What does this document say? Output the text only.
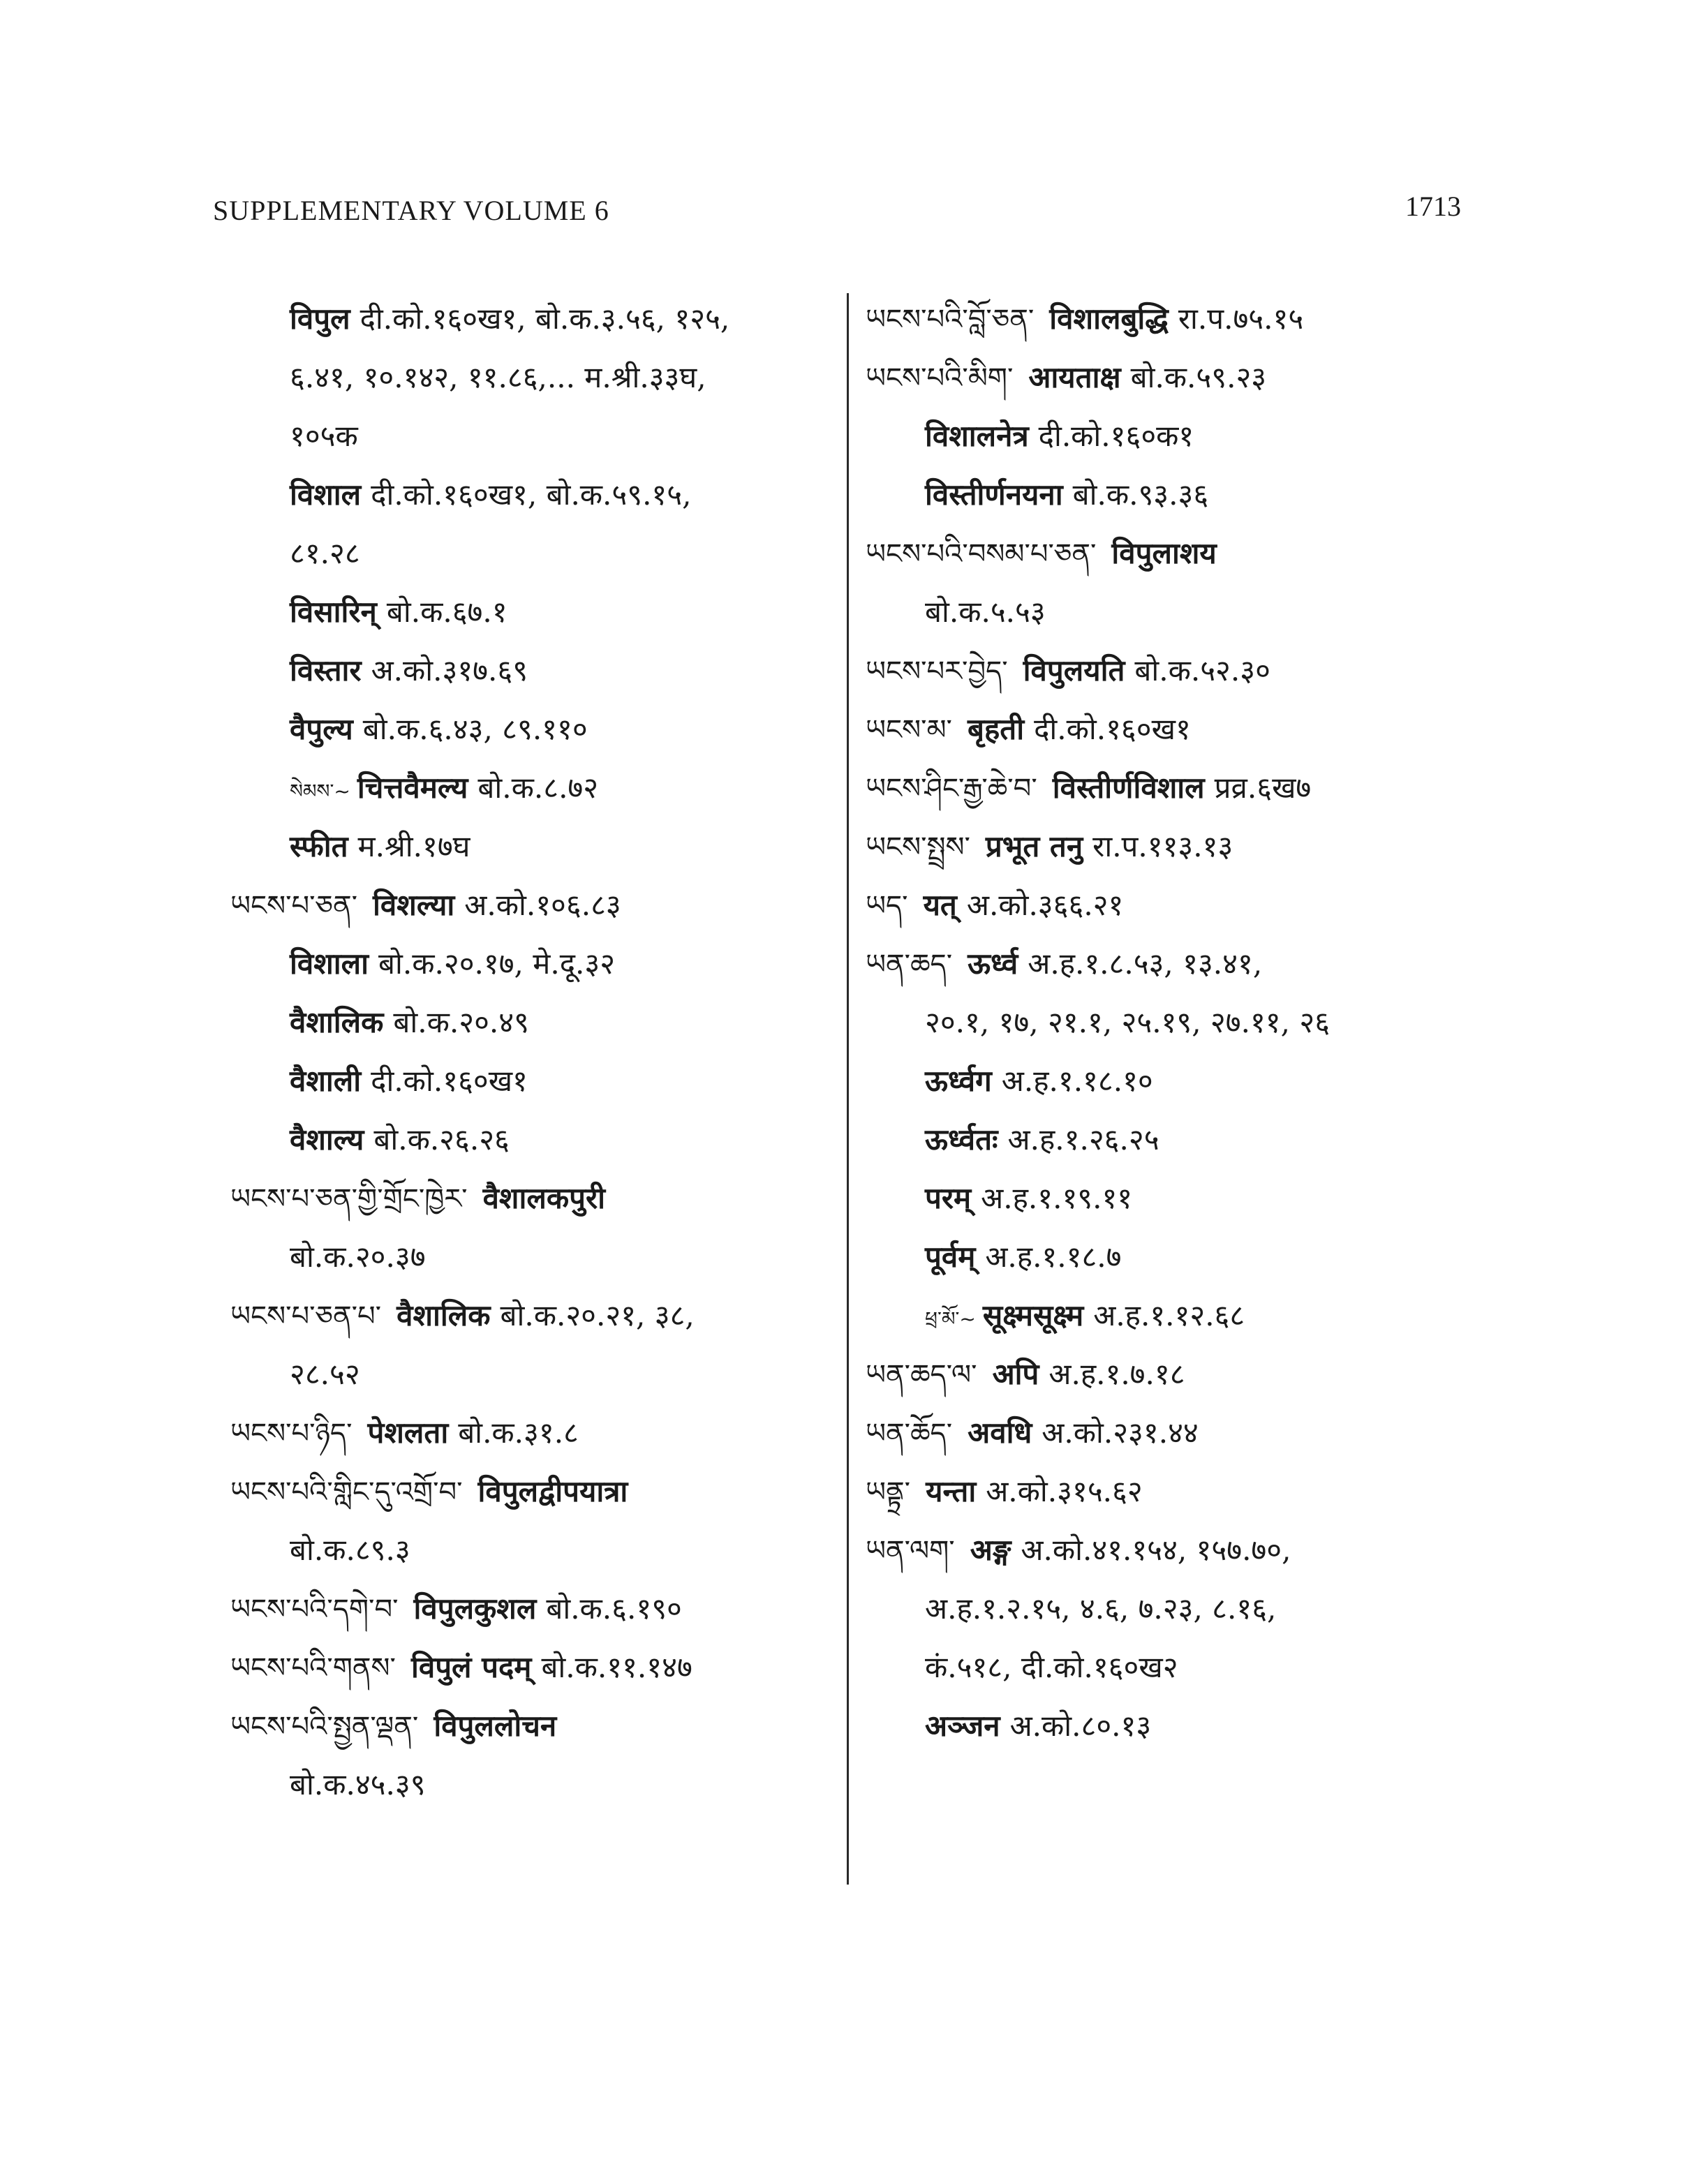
SUPPLEMENTARY VOLUME 6	1713
विपुल दी.को.१६०ख१, बो.क.३.५६, १२५,
६.४१, १०.१४२, ११.८६,... म.श्री.३३घ,
१०५क
विशाल दी.को.१६०ख१, बो.क.५९.१५,
८१.२८
विसारिन् बो.क.६७.१
विस्तार अ.को.३१७.६९
वैपुल्य बो.क.६.४३, ८९.११०
སེམས་~ चित्तवैमल्य बो.क.८.७२
स्फीत म.श्री.१७घ
ཡངས་པ་ཅན་ विशल्या अ.को.१०६.८३
विशाला बो.क.२०.१७, मे.दू.३२
वैशालिक बो.क.२०.४९
वैशाली दी.को.१६०ख१
वैशाल्य बो.क.२६.२६
ཡངས་པ་ཅན་གྱི་གྲོང་ཁྱེར་ वैशालकपुरी
बो.क.२०.३७
ཡངས་པ་ཅན་པ་ वैशालिक बो.क.२०.२१, ३८,
२८.५२
ཡངས་པ་ཉིད་ पेशलता बो.क.३१.८
ཡངས་པའི་གླིང་དུ་འགྲོ་བ་ विपुलद्वीपयात्रा
बो.क.८९.३
ཡངས་པའི་དགེ་བ་ विपुलकुशल बो.क.६.१९०
ཡངས་པའི་གནས་ विपुलं पदम् बो.क.११.१४७
ཡངས་པའི་སྤྱན་ལྡན་ विपुललोचन
बो.क.४५.३९
ཡངས་པའི་བློ་ཅན་ विशालबुद्धि रा.प.७५.१५
ཡངས་པའི་མིག་ आयताक्ष बो.क.५९.२३
विशालनेत्र दी.को.१६०क१
विस्तीर्णनयना बो.क.९३.३६
ཡངས་པའི་བསམ་པ་ཅན་ विपुलाशय
बो.क.५.५३
ཡངས་པར་བྱེད་ विपुलयति बो.क.५२.३०
ཡངས་མ་ बृहती दी.को.१६०ख१
ཡངས་ཤིང་རྒྱ་ཆེ་བ་ विस्तीर्णविशाल प्रव्र.६ख७
ཡངས་སྤྲས་ प्रभूत तनु रा.प.११३.१३
ཡད་ यत् अ.को.३६६.२१
ཡན་ཆད་ ऊर्ध्व अ.ह.१.८.५३, १३.४१,
२०.१, १७, २१.१, २५.१९, २७.११, २६
ऊर्ध्वग अ.ह.१.१८.१०
ऊर्ध्वतः अ.ह.१.२६.२५
परम् अ.ह.१.१९.११
पूर्वम् अ.ह.१.१८.७
ཕྲ་མོ་~ सूक्ष्मसूक्ष्म अ.ह.१.१२.६८
ཡན་ཆད་ལ་ अपि अ.ह.१.७.१८
ཡན་ཆོད་ अवधि अ.को.२३१.४४
ཡནྟྲ་ यन्ता अ.को.३१५.६२
ཡན་ལག་ अङ्ग अ.को.४१.१५४, १५७.७०,
अ.ह.१.२.१५, ४.६, ७.२३, ८.१६,
कं.५१८, दी.को.१६०ख२
अञ्जन अ.को.८०.१३
